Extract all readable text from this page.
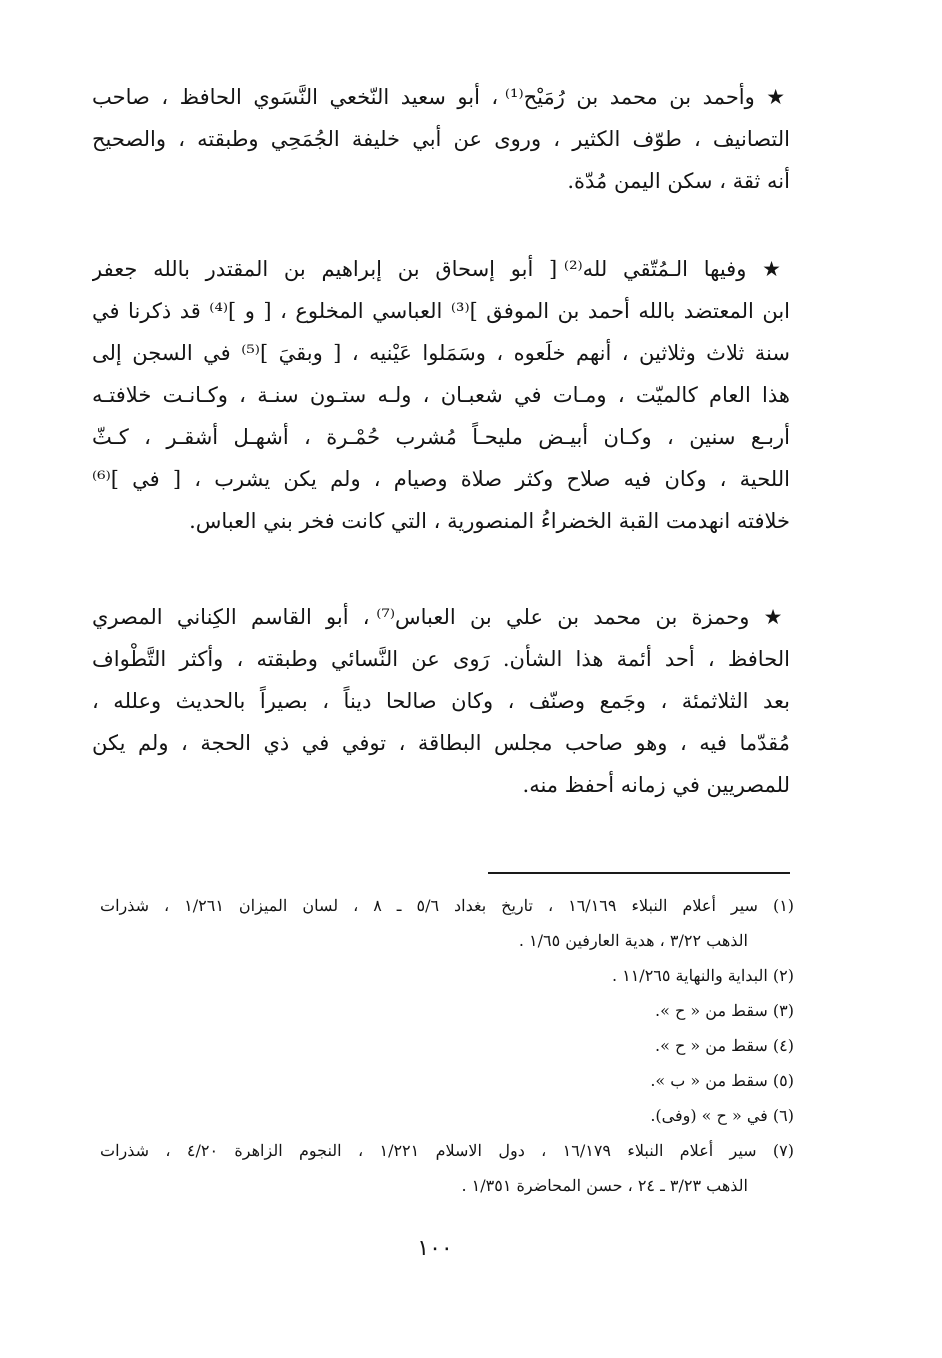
★ وأحمد بن محمد بن رُمَيْح⁽¹⁾ ، أبو سعيد النّخعي النَّسَوي الحافظ ، صاحب
التصانيف ، طوّف الكثير ، وروى عن أبي خليفة الجُمَحِي وطبقته ، والصحيح
أنه ثقة ، سكن اليمن مُدّة.
★ وفيها الـمُتّقي لله⁽²⁾ [ أبو إسحاق بن إبراهيم بن المقتدر بالله جعفر
ابن المعتضد بالله أحمد بن الموفق ]⁽³⁾ العباسي المخلوع ، [ و ]⁽⁴⁾ قد ذكرنا في
سنة ثلاث وثلاثين ، أنهم خلَعوه ، وسَمَلوا عَيْنيه ، [ وبقيَ ]⁽⁵⁾ في السجن إلى
هذا العام كالميّت ، ومـات في شعبـان ، ولـه ستـون سنـة ، وكـانـت خلافتـه
أربـع سنين ، وكـان أبيـض مليحـاً مُشرب حُمْـرة ، أشهـل أشقـر ، كـثّ
اللحية ، وكان فيه صلاح وكثر صلاة وصيام ، ولم يكن يشرب ، [ في ]⁽⁶⁾
خلافته انهدمت القبة الخضراءُ المنصورية ، التي كانت فخر بني العباس.
★ وحمزة بن محمد بن علي بن العباس⁽⁷⁾ ، أبو القاسم الكِناني المصري
الحافظ ، أحد أئمة هذا الشأن. رَوى عن النَّسائي وطبقته ، وأكثر التَّطْواف
بعد الثلاثمئة ، وجَمع وصنّف ، وكان صالحا ديناً ، بصيراً بالحديث وعلله ،
مُقدّما فيه ، وهو صاحب مجلس البطاقة ، توفي في ذي الحجة ، ولم يكن
للمصريين في زمانه أحفظ منه.
(١) سير أعلام النبلاء ١٦/١٦٩ ، تاريخ بغداد ٥/٦ ـ ٨ ، لسان الميزان ١/٢٦١ ، شذرات
الذهب ٣/٢٢ ، هدية العارفين ١/٦٥ .
(٢) البداية والنهاية ١١/٢٦٥ .
(٣) سقط من « ح ».
(٤) سقط من « ح ».
(٥) سقط من « ب ».
(٦) في « ح » (وفى).
(٧) سير أعلام النبلاء ١٦/١٧٩ ، دول الاسلام ١/٢٢١ ، النجوم الزاهرة ٤/٢٠ ، شذرات
الذهب ٣/٢٣ ـ ٢٤ ، حسن المحاضرة ١/٣٥١ .
١٠٠
